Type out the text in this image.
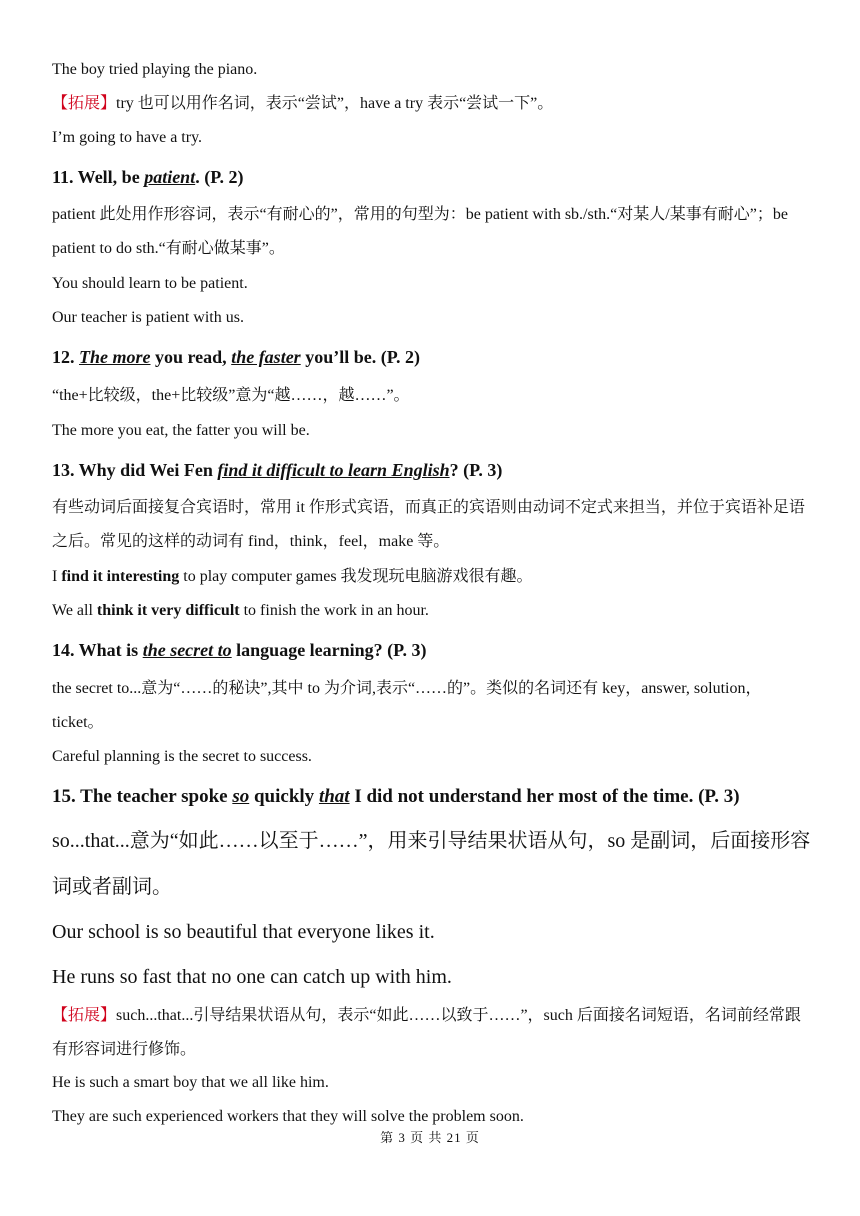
The boy tried playing the piano.
【拓展】try 也可以用作名词，表示“尝试”，have a try 表示“尝试一下”。
I’m going to have a try.
11. Well, be patient. (P. 2)
patient 此处用作形容词，表示“有耐心的”，常用的句型为：be patient with sb./sth.“对某人/某事有耐心”；be patient to do sth.“有耐心做某事”。
You should learn to be patient.
Our teacher is patient with us.
12. The more you read, the faster you’ll be. (P. 2)
“the+比较级，the+比较级”意为“越……，越……”。
The more you eat, the fatter you will be.
13. Why did Wei Fen find it difficult to learn English? (P. 3)
有些动词后面接复合宾语时，常用 it 作形式宾语，而真正的宾语则由动词不定式来担当，并位于宾语补足语之后。常见的这样的动词有 find，think，feel，make 等。
I find it interesting to play computer games 我发现玩电脑游戏很有趣。
We all think it very difficult to finish the work in an hour.
14. What is the secret to language learning? (P. 3)
the secret to...意为“……的秘诀”,其中 to 为介词,表示“……的”。类似的名词还有 key，answer, solution，ticket。
Careful planning is the secret to success.
15. The teacher spoke so quickly that I did not understand her most of the time. (P. 3)
so...that...意为“如此……以至于……”，用来引导结果状语从句，so 是副词，后面接形容词或者副词。
Our school is so beautiful that everyone likes it.
He runs so fast that no one can catch up with him.
【拓展】such...that...引导结果状语从句，表示“如此……以致于……”，such 后面接名词短语，名词前经常跟有形容词进行修饰。
He is such a smart boy that we all like him.
They are such experienced workers that they will solve the problem soon.
第 3 页 共 21 页
